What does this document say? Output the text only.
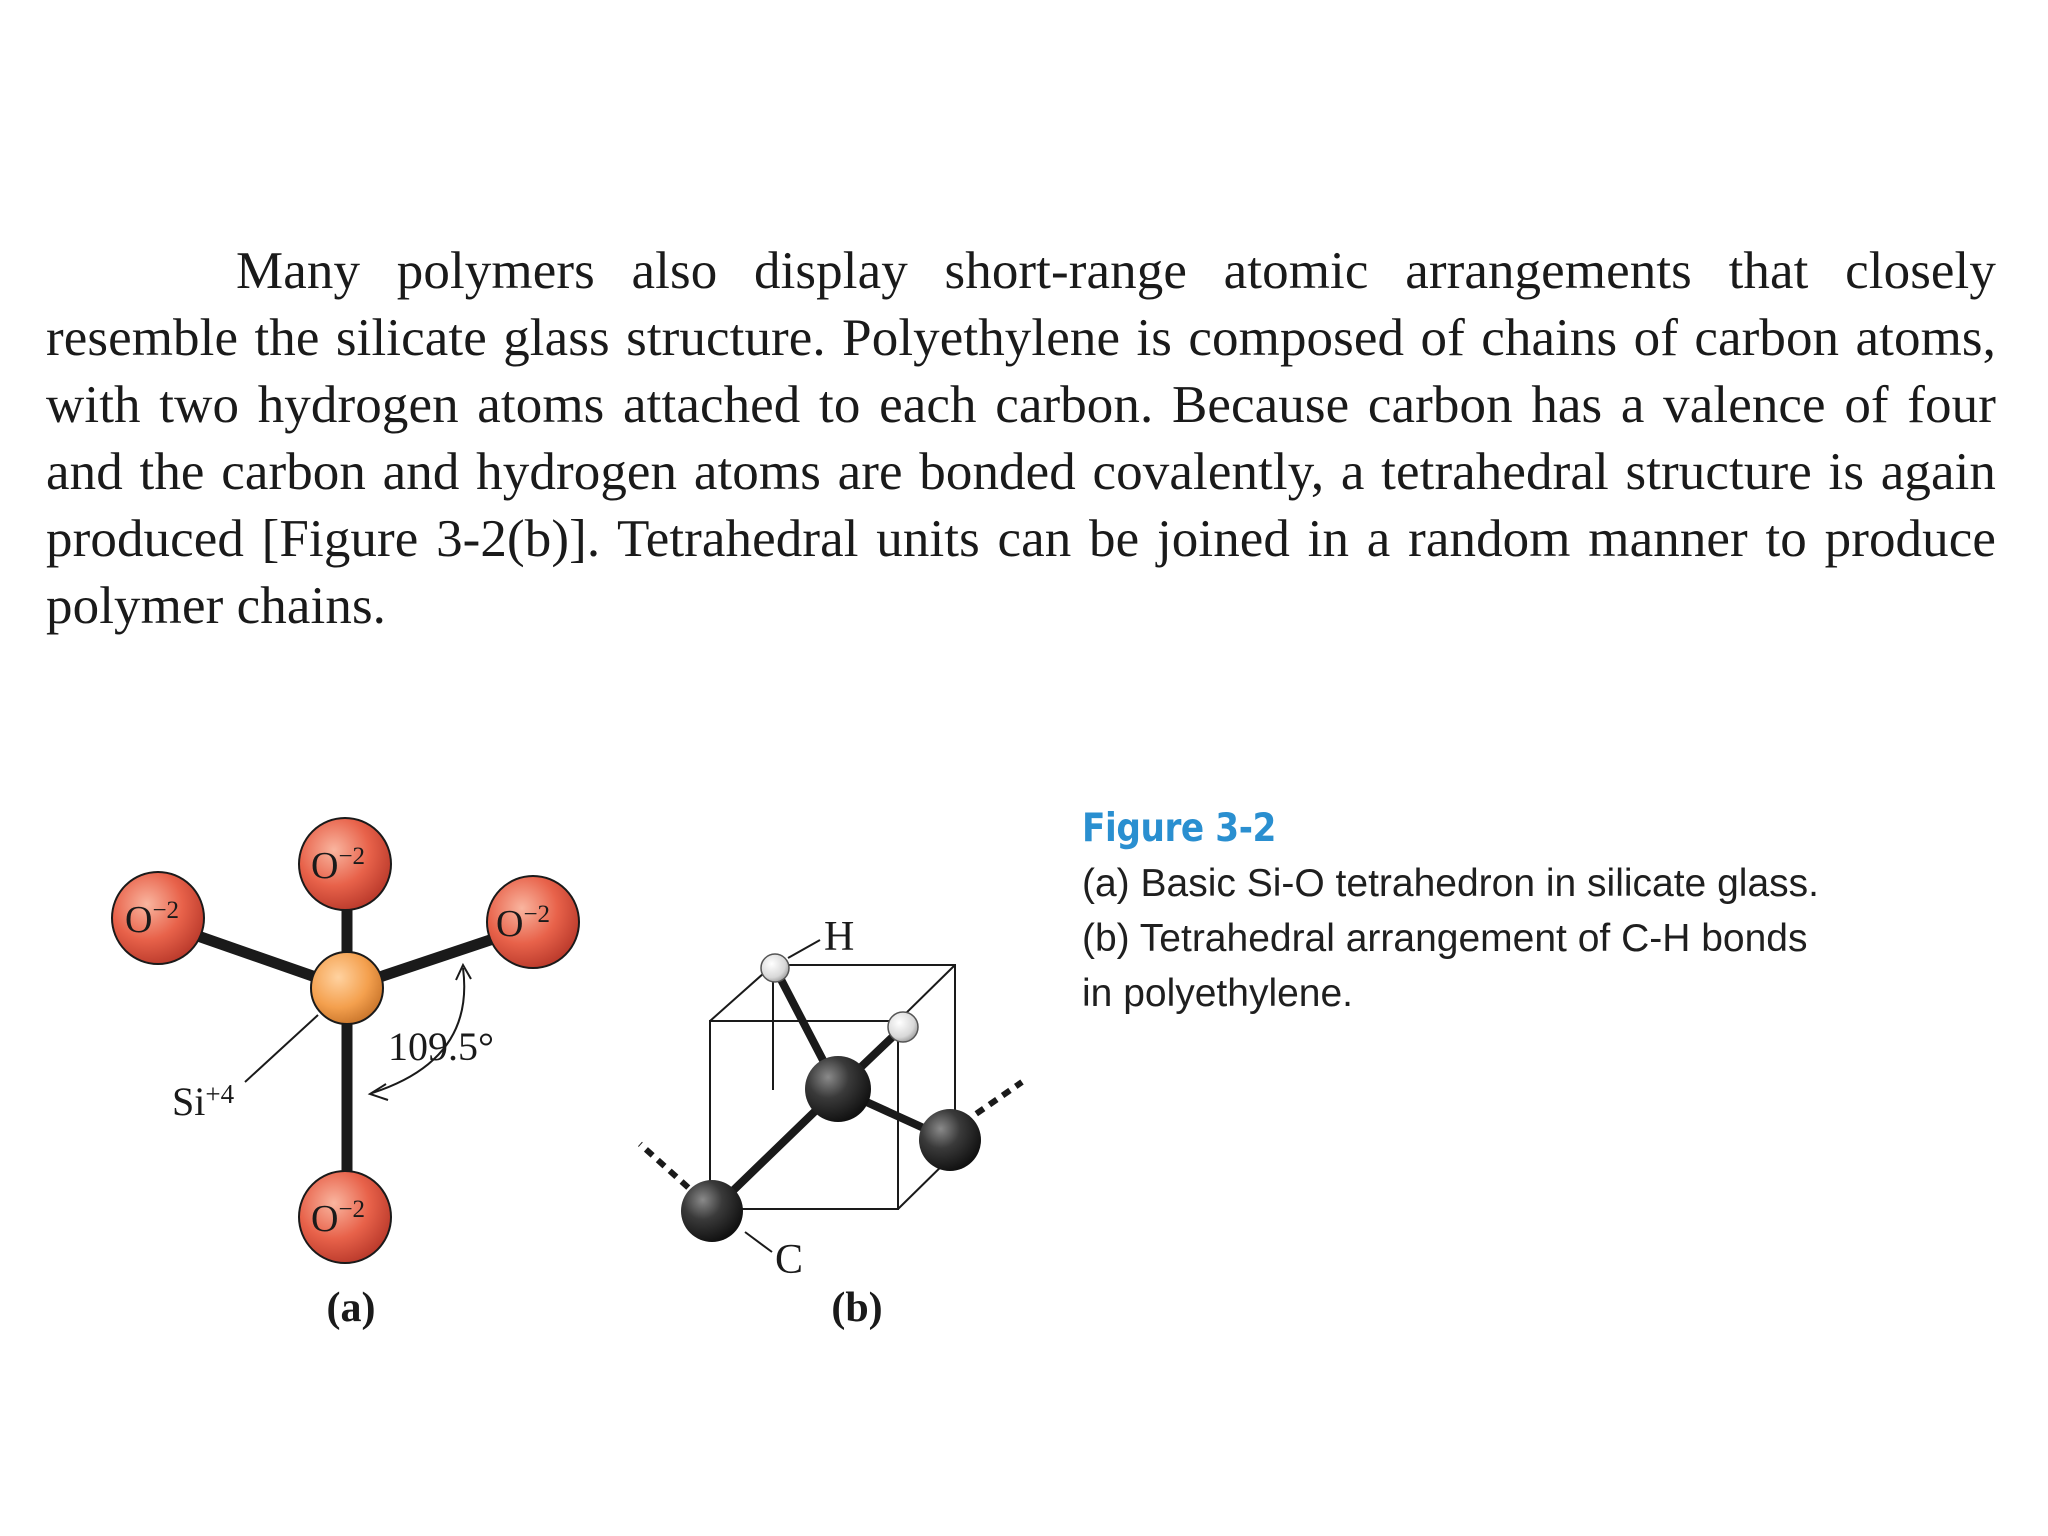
Many polymers also display short-range atomic arrangements that closely resemble the silicate glass structure. Polyethylene is composed of chains of carbon atoms, with two hydrogen atoms attached to each carbon. Because carbon has a valence of four and the carbon and hydrogen atoms are bonded covalently, a tetrahedral structure is again produced [Figure 3-2(b)]. Tetrahedral units can be joined in a random manner to produce polymer chains.

$O^{-2}$
$O^{-2}$
$O^{-2}$
$O^{-2}$
$Si^{+4}$
109.5°
(a)
H
C
(b)
Figure 3-2
(a) Basic Si-O tetrahedron in silicate glass.
(b) Tetrahedral arrangement of C-H bonds
in polyethylene.
